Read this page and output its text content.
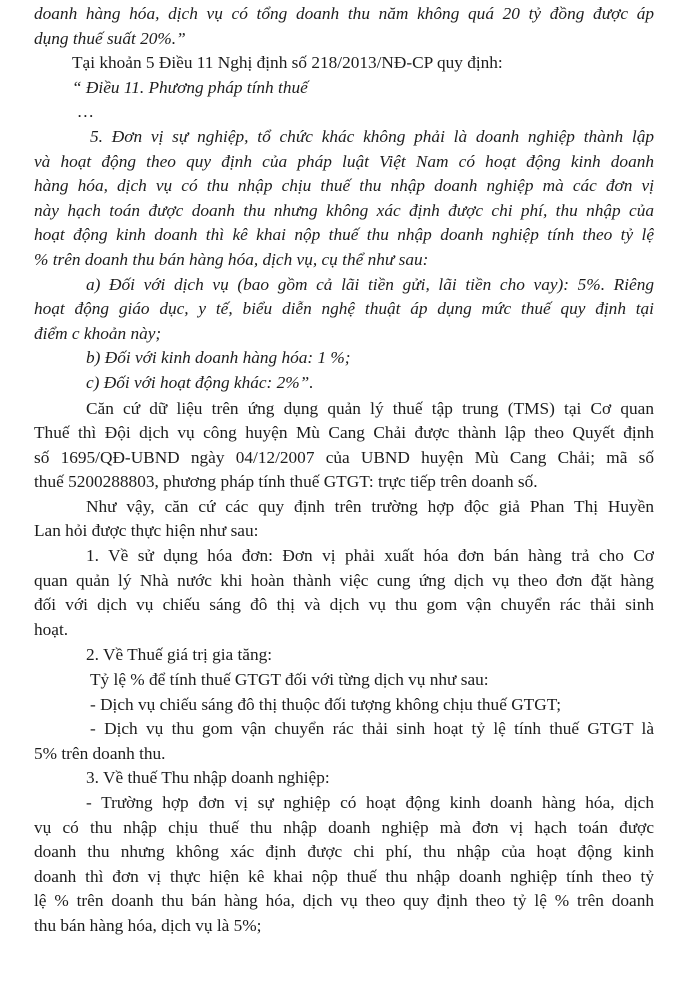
doanh hàng hóa, dịch vụ có tổng doanh thu năm không quá 20 tỷ đồng được áp
dụng thuế suất 20%.”
Tại khoản 5 Điều 11 Nghị định số 218/2013/NĐ-CP quy định:
“ Điều 11. Phương pháp tính thuế
…
5. Đơn vị sự nghiệp, tổ chức khác không phải là doanh nghiệp thành lập
và hoạt động theo quy định của pháp luật Việt Nam có hoạt động kinh doanh
hàng hóa, dịch vụ có thu nhập chịu thuế thu nhập doanh nghiệp mà các đơn vị
này hạch toán được doanh thu nhưng không xác định được chi phí, thu nhập của
hoạt động kinh doanh thì kê khai nộp thuế thu nhập doanh nghiệp tính theo tỷ lệ
% trên doanh thu bán hàng hóa, dịch vụ, cụ thể như sau:
a) Đối với dịch vụ (bao gồm cả lãi tiền gửi, lãi tiền cho vay): 5%. Riêng
hoạt động giáo dục, y tế, biểu diễn nghệ thuật áp dụng mức thuế quy định tại
điểm c khoản này;
b) Đối với kinh doanh hàng hóa: 1 %;
c) Đối với hoạt động khác: 2%”.
Căn cứ dữ liệu trên ứng dụng quản lý thuế tập trung (TMS) tại Cơ quan
Thuế thì Đội dịch vụ công huyện Mù Cang Chải được thành lập theo Quyết định
số 1695/QĐ-UBND ngày 04/12/2007 của UBND huyện Mù Cang Chải; mã số
thuế 5200288803, phương pháp tính thuế GTGT: trực tiếp trên doanh số.
Như vậy, căn cứ các quy định trên trường hợp độc giả Phan Thị Huyền
Lan hỏi được thực hiện như sau:
1. Về sử dụng hóa đơn: Đơn vị phải xuất hóa đơn bán hàng trả cho Cơ
quan quản lý Nhà nước khi hoàn thành việc cung ứng dịch vụ theo đơn đặt hàng
đối với dịch vụ chiếu sáng đô thị và dịch vụ thu gom vận chuyển rác thải sinh
hoạt.
2. Về Thuế giá trị gia tăng:
Tỷ lệ % để tính thuế GTGT đối với từng dịch vụ như sau:
- Dịch vụ chiếu sáng đô thị thuộc đối tượng không chịu thuế GTGT;
- Dịch vụ thu gom vận chuyển rác thải sinh hoạt tỷ lệ tính thuế GTGT là
5% trên doanh thu.
3. Về thuế Thu nhập doanh nghiệp:
- Trường hợp đơn vị sự nghiệp có hoạt động kinh doanh hàng hóa, dịch
vụ có thu nhập chịu thuế thu nhập doanh nghiệp mà đơn vị hạch toán được
doanh thu nhưng không xác định được chi phí, thu nhập của hoạt động kinh
doanh thì đơn vị thực hiện kê khai nộp thuế thu nhập doanh nghiệp tính theo tỷ
lệ % trên doanh thu bán hàng hóa, dịch vụ theo quy định theo tỷ lệ % trên doanh
thu bán hàng hóa, dịch vụ là 5%;
